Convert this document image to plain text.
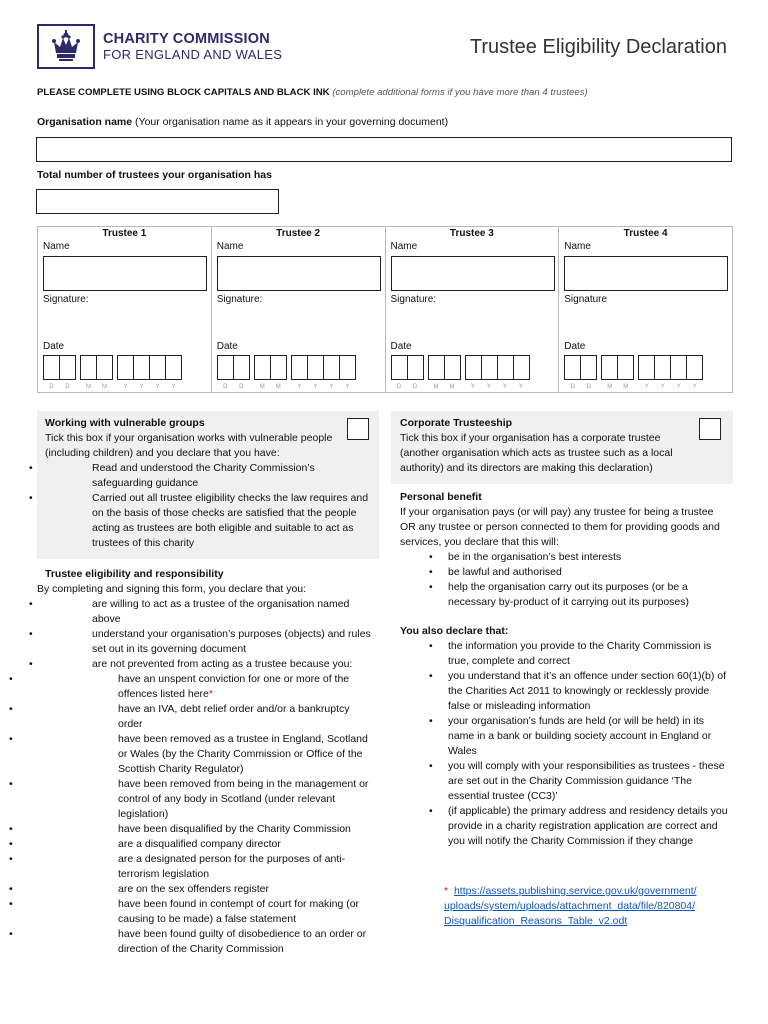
CHARITY COMMISSION
FOR ENGLAND AND WALES	Trustee Eligibility Declaration
PLEASE COMPLETE USING BLOCK CAPITALS AND BLACK INK (complete additional forms if you have more than 4 trustees)
Organisation name (Your organisation name as it appears in your governing document)
Total number of trustees your organisation has
Trustee 1
Name
Signature:
Date
D	D	M	M	Y	Y	Y	Y
Trustee 2
Name
Signature:
Date
D	D	M	M	Y	Y	Y	Y
Trustee 3
Name
Signature:
Date
D	D	M	M	Y	Y	Y	Y
Trustee 4
Name
Signature
Date
D	D	M	M	Y	Y	Y	Y
Working with vulnerable groups
Tick this box if your organisation works with vulnerable people (including children) and you declare that you have:
• Read and understood the Charity Commission’s safeguarding guidance
• Carried out all trustee eligibility checks the law requires and on the basis of those checks are satisfied that the people acting as trustees are both eligible and suitable to act as trustees of this charity
Trustee eligibility and responsibility
By completing and signing this form, you declare that you:
• are willing to act as a trustee of the organisation named above
• understand your organisation’s purposes (objects) and rules set out in its governing document
• are not prevented from acting as a trustee because you:
• have an unspent conviction for one or more of the offences listed here*
• have an IVA, debt relief order and/or a bankruptcy order
• have been removed as a trustee in England, Scotland or Wales (by the Charity Commission or Office of the Scottish Charity Regulator)
• have been removed from being in the management or control of any body in Scotland (under relevant legislation)
• have been disqualified by the Charity Commission
• are a disqualified company director
• are a designated person for the purposes of anti-terrorism legislation
• are on the sex offenders register
• have been found in contempt of court for making (or causing to be made) a false statement
• have been found guilty of disobedience to an order or direction of the Charity Commission
Corporate Trusteeship
Tick this box if your organisation has a corporate trustee (another organisation which acts as trustee such as a local authority) and its directors are making this declaration)
Personal benefit
If your organisation pays (or will pay) any trustee for being a trustee OR any trustee or person connected to them for providing goods and services, you declare that this will:
• be in the organisation’s best interests
• be lawful and authorised
• help the organisation carry out its purposes (or be a necessary by-product of it carrying out its purposes)
You also declare that:
• the information you provide to the Charity Commission is true, complete and correct
• you understand that it’s an offence under section 60(1)(b) of the Charities Act 2011 to knowingly or recklessly provide false or misleading information
• your organisation’s funds are held (or will be held) in its name in a bank or building society account in England or Wales
• you will comply with your responsibilities as trustees - these are set out in the Charity Commission guidance ‘The essential trustee (CC3)’
• (if applicable) the primary address and residency details you provide in a charity registration application are correct and you will notify the Charity Commission if they change
* https://assets.publishing.service.gov.uk/government/
uploads/system/uploads/attachment_data/file/820804/
Disqualification_Reasons_Table_v2.odt
